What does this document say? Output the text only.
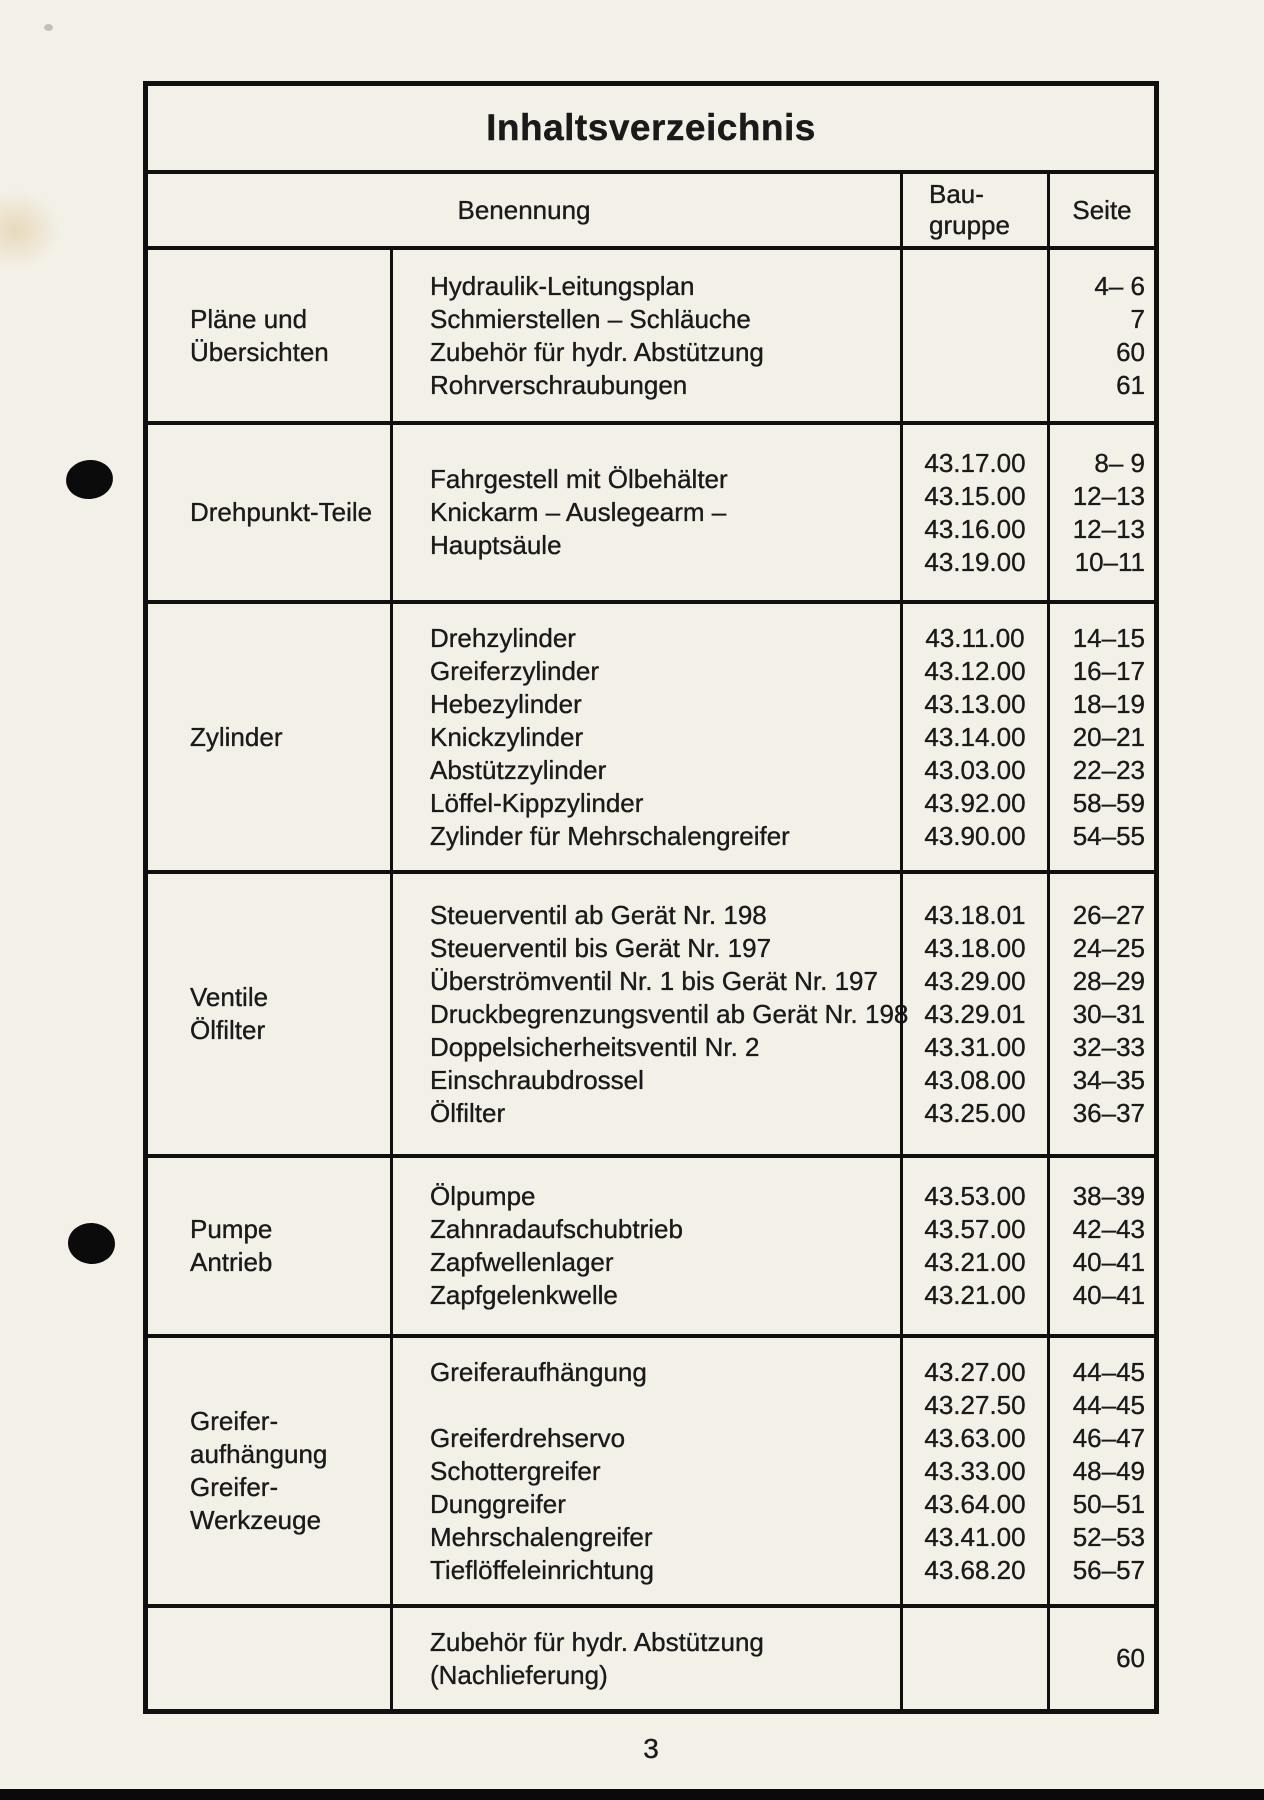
Inhaltsverzeichnis
Benennung
Bau-
gruppe
Seite
Pläne und
Übersichten
Hydraulik-Leitungsplan
Schmierstellen – Schläuche
Zubehör für hydr. Abstützung
Rohrverschraubungen

4– 6
7
60
61
Drehpunkt-Teile
Fahrgestell mit Ölbehälter
Knickarm – Auslegearm –
Hauptsäule
43.17.00
43.15.00
43.16.00
43.19.00
8– 9
12–13
12–13
10–11
Zylinder
Drehzylinder
Greiferzylinder
Hebezylinder
Knickzylinder
Abstützzylinder
Löffel-Kippzylinder
Zylinder für Mehrschalengreifer
43.11.00
43.12.00
43.13.00
43.14.00
43.03.00
43.92.00
43.90.00
14–15
16–17
18–19
20–21
22–23
58–59
54–55
Ventile
Ölfilter
Steuerventil ab Gerät Nr. 198
Steuerventil bis Gerät Nr. 197
Überströmventil Nr. 1 bis Gerät Nr. 197
Druckbegrenzungsventil ab Gerät Nr. 198
Doppelsicherheitsventil Nr. 2
Einschraubdrossel
Ölfilter
43.18.01
43.18.00
43.29.00
43.29.01
43.31.00
43.08.00
43.25.00
26–27
24–25
28–29
30–31
32–33
34–35
36–37
Pumpe
Antrieb
Ölpumpe
Zahnradaufschubtrieb
Zapfwellenlager
Zapfgelenkwelle
43.53.00
43.57.00
43.21.00
43.21.00
38–39
42–43
40–41
40–41
Greifer-
aufhängung
Greifer-
Werkzeuge
Greiferaufhängung

Greiferdrehservo
Schottergreifer
Dunggreifer
Mehrschalengreifer
Tieflöffeleinrichtung
43.27.00
43.27.50
43.63.00
43.33.00
43.64.00
43.41.00
43.68.20
44–45
44–45
46–47
48–49
50–51
52–53
56–57
Zubehör für hydr. Abstützung
(Nachlieferung)

60
3
